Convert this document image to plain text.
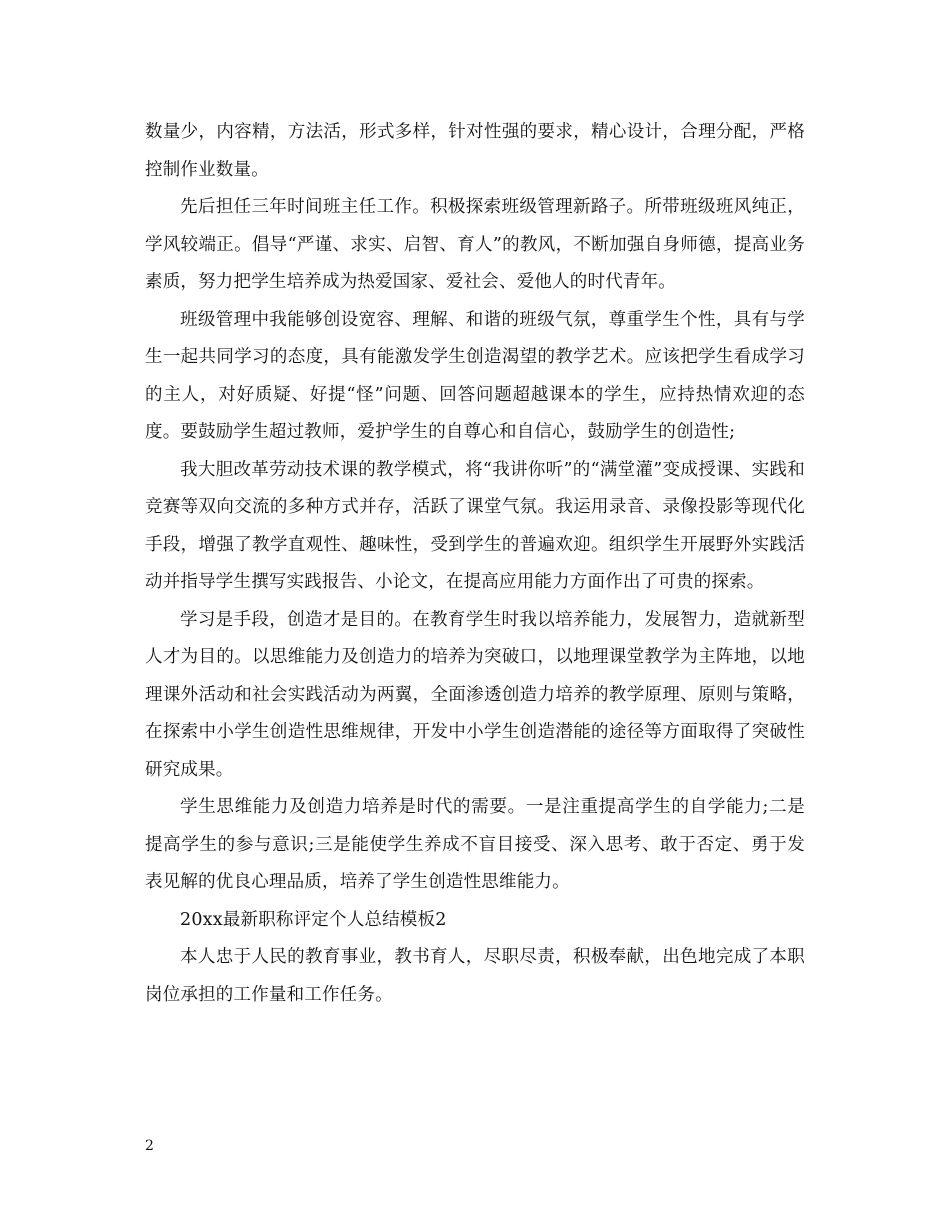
数量少，内容精，方法活，形式多样，针对性强的要求，精心设计，合理分配，严格控制作业数量。

先后担任三年时间班主任工作。积极探索班级管理新路子。所带班级班风纯正，学风较端正。倡导“严谨、求实、启智、育人”的教风，不断加强自身师德，提高业务素质，努力把学生培养成为热爱国家、爱社会、爱他人的时代青年。

班级管理中我能够创设宽容、理解、和谐的班级气氛，尊重学生个性，具有与学生一起共同学习的态度，具有能激发学生创造渴望的教学艺术。应该把学生看成学习的主人，对好质疑、好提“怪”问题、回答问题超越课本的学生，应持热情欢迎的态度。要鼓励学生超过教师，爱护学生的自尊心和自信心，鼓励学生的创造性;

我大胆改革劳动技术课的教学模式，将“我讲你听”的“满堂灌”变成授课、实践和竞赛等双向交流的多种方式并存，活跃了课堂气氛。我运用录音、录像投影等现代化手段，增强了教学直观性、趣味性，受到学生的普遍欢迎。组织学生开展野外实践活动并指导学生撰写实践报告、小论文，在提高应用能力方面作出了可贵的探索。

学习是手段，创造才是目的。在教育学生时我以培养能力，发展智力，造就新型人才为目的。以思维能力及创造力的培养为突破口，以地理课堂教学为主阵地，以地理课外活动和社会实践活动为两翼，全面渗透创造力培养的教学原理、原则与策略，在探索中小学生创造性思维规律，开发中小学生创造潜能的途径等方面取得了突破性研究成果。

学生思维能力及创造力培养是时代的需要。一是注重提高学生的自学能力;二是提高学生的参与意识;三是能使学生养成不盲目接受、深入思考、敢于否定、勇于发表见解的优良心理品质，培养了学生创造性思维能力。

20xx最新职称评定个人总结模板2

本人忠于人民的教育事业，教书育人，尽职尽责，积极奉献，出色地完成了本职岗位承担的工作量和工作任务。

2
